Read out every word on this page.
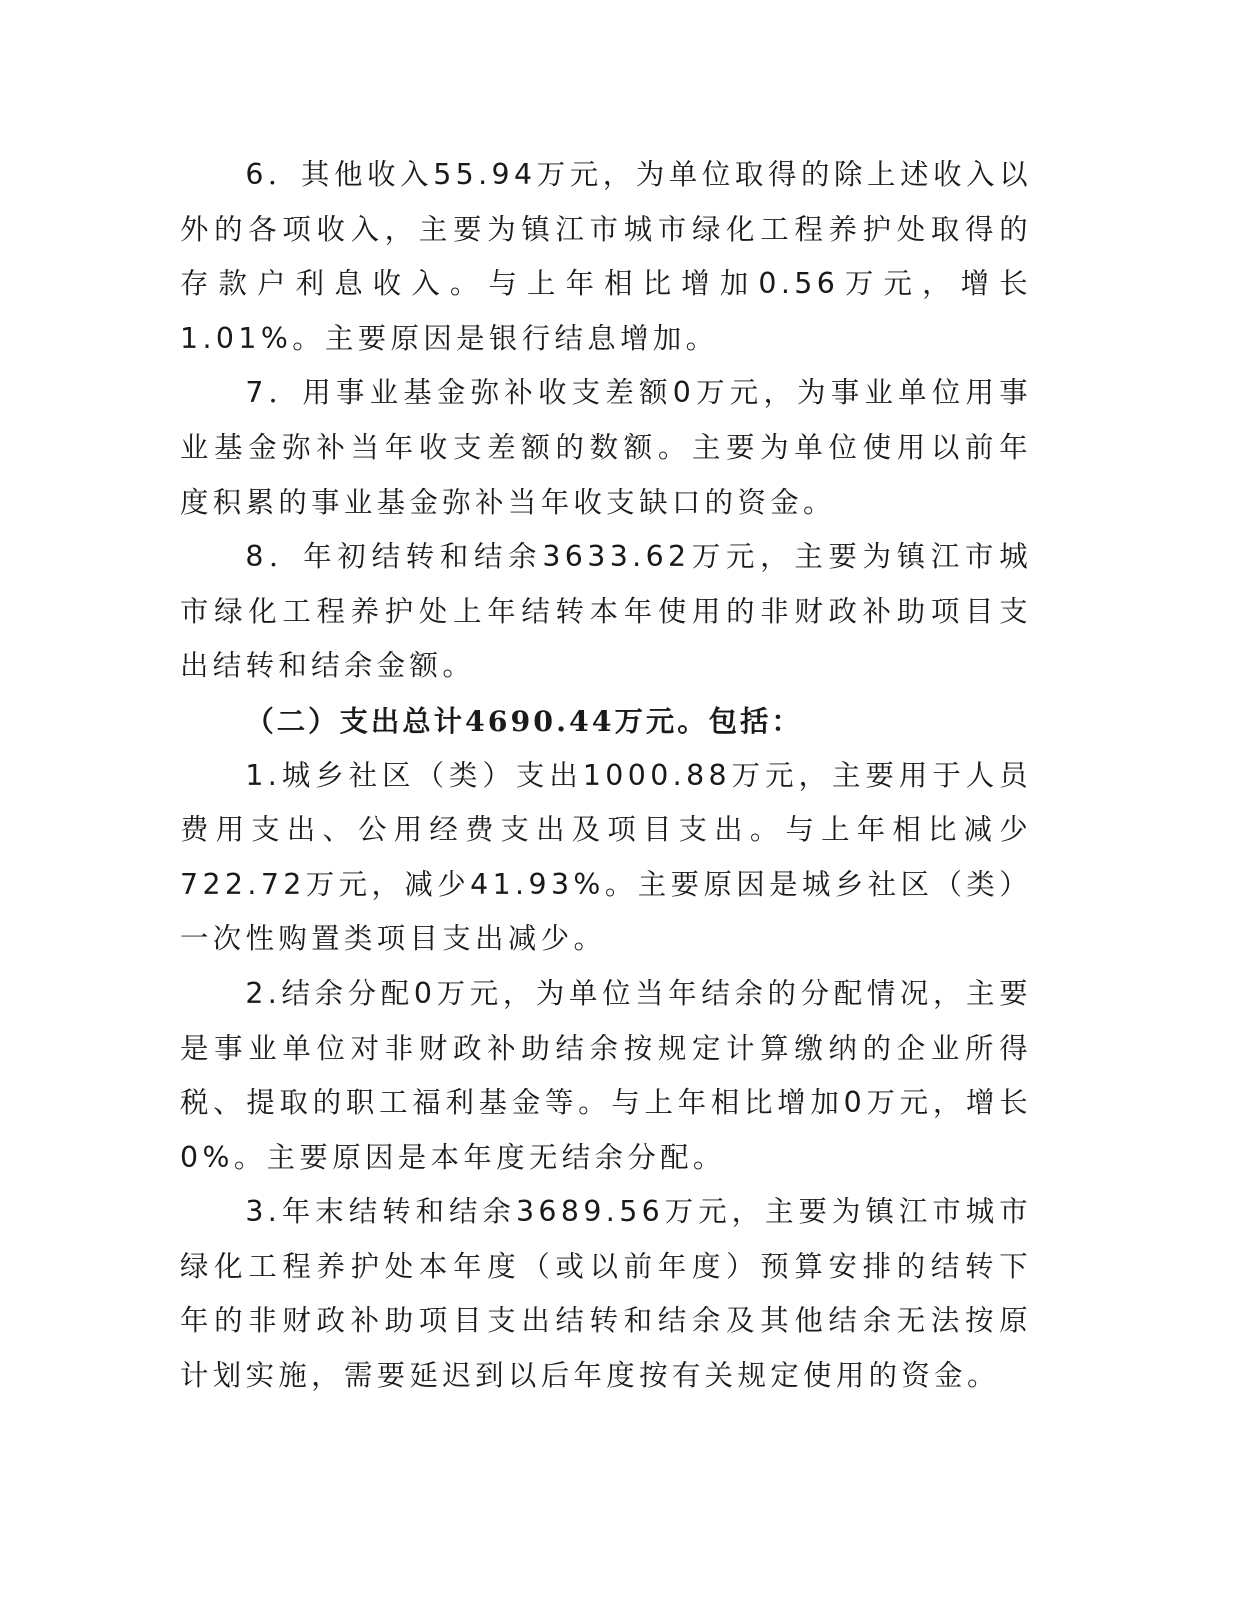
6．其他收入55.94万元，为单位取得的除上述收入以外的各项收入，主要为镇江市城市绿化工程养护处取得的存款户利息收入。与上年相比增加0.56万元，增长1.01%。主要原因是银行结息增加。

7．用事业基金弥补收支差额0万元，为事业单位用事业基金弥补当年收支差额的数额。主要为单位使用以前年度积累的事业基金弥补当年收支缺口的资金。

8．年初结转和结余3633.62万元，主要为镇江市城市绿化工程养护处上年结转本年使用的非财政补助项目支出结转和结余金额。

（二）支出总计4690.44万元。包括：

1.城乡社区（类）支出1000.88万元，主要用于人员费用支出、公用经费支出及项目支出。与上年相比减少722.72万元，减少41.93%。主要原因是城乡社区（类）一次性购置类项目支出减少。

2.结余分配0万元，为单位当年结余的分配情况，主要是事业单位对非财政补助结余按规定计算缴纳的企业所得税、提取的职工福利基金等。与上年相比增加0万元，增长0%。主要原因是本年度无结余分配。

3.年末结转和结余3689.56万元，主要为镇江市城市绿化工程养护处本年度（或以前年度）预算安排的结转下年的非财政补助项目支出结转和结余及其他结余无法按原计划实施，需要延迟到以后年度按有关规定使用的资金。
